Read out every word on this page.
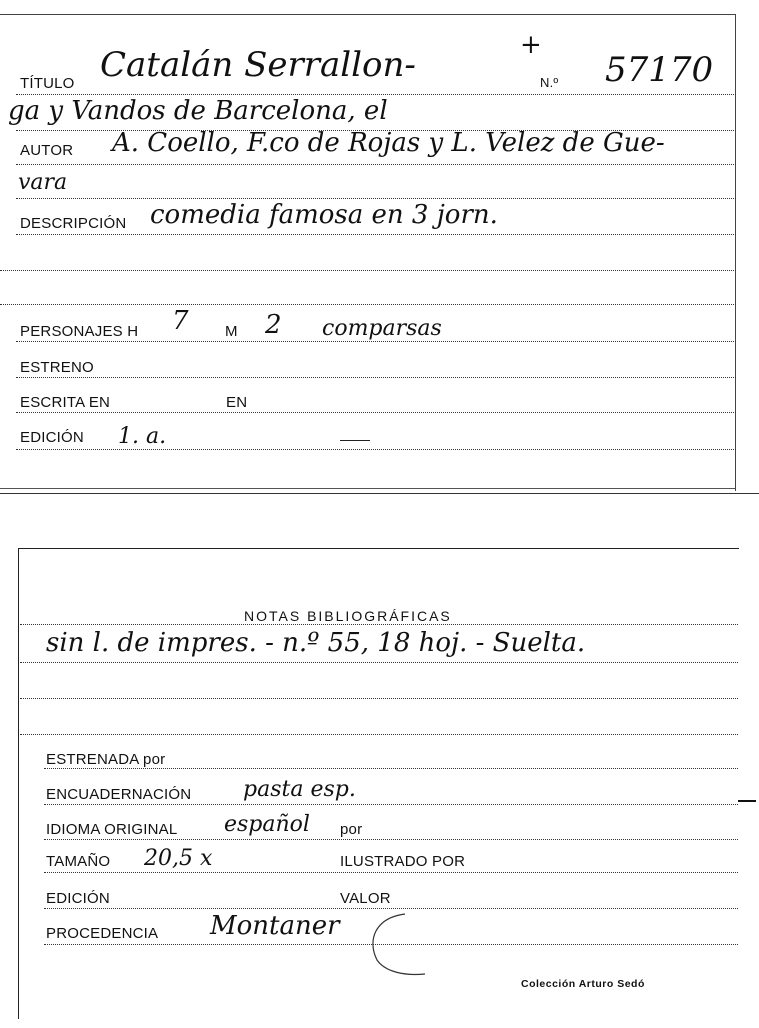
TÍTULO Catalán Serrallon-	+
N.º 57170
ga y Vandos de Barcelona, el
AUTOR A. Coello, F.co de Rojas y L. Velez de Gue-
vara
DESCRIPCIÓN comedia famosa en 3 jorn.
PERSONAJES H 7 M 2 comparsas
ESTRENO
ESCRITA EN	EN
EDICIÓN 1. a.
NOTAS BIBLIOGRÁFICAS
sin l. de impres. - n.º 55, 18 hoj. - Suelta.
ESTRENADA por
ENCUADERNACIÓN pasta esp.
IDIOMA ORIGINAL español por
TAMAÑO 20,5 x	ILUSTRADO POR
EDICIÓN	VALOR
PROCEDENCIA Montaner
Colección Arturo Sedó
